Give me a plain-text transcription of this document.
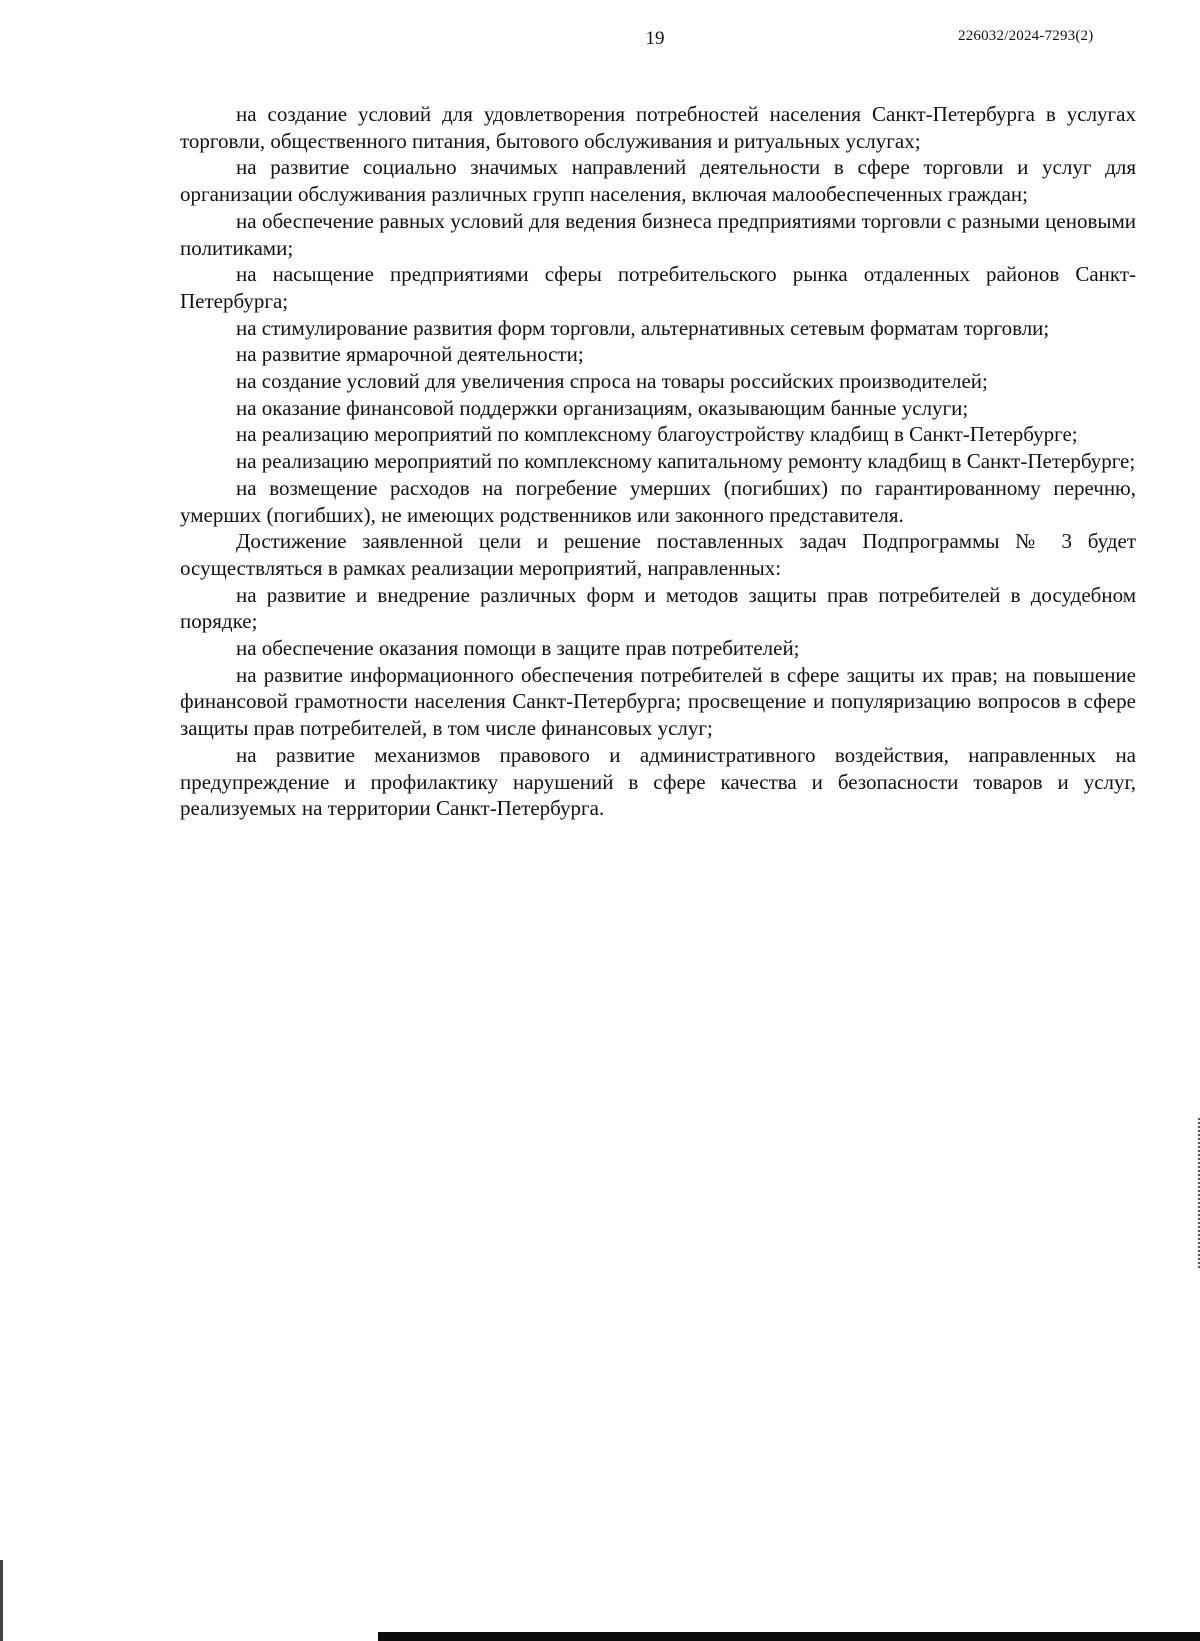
19	226032/2024-7293(2)

на создание условий для удовлетворения потребностей населения Санкт-Петербурга в услугах торговли, общественного питания, бытового обслуживания и ритуальных услугах;

на развитие социально значимых направлений деятельности в сфере торговли и услуг для организации обслуживания различных групп населения, включая малообеспеченных граждан;

на обеспечение равных условий для ведения бизнеса предприятиями торговли с разными ценовыми политиками;

на насыщение предприятиями сферы потребительского рынка отдаленных районов Санкт-Петербурга;

на стимулирование развития форм торговли, альтернативных сетевым форматам торговли;

на развитие ярмарочной деятельности;

на создание условий для увеличения спроса на товары российских производителей;

на оказание финансовой поддержки организациям, оказывающим банные услуги;

на реализацию мероприятий по комплексному благоустройству кладбищ в Санкт-Петербурге;

на реализацию мероприятий по комплексному капитальному ремонту кладбищ в Санкт-Петербурге;

на возмещение расходов на погребение умерших (погибших) по гарантированному перечню, умерших (погибших), не имеющих родственников или законного представителя.

Достижение заявленной цели и решение поставленных задач Подпрограммы № 3 будет осуществляться в рамках реализации мероприятий, направленных:

на развитие и внедрение различных форм и методов защиты прав потребителей в досудебном порядке;

на обеспечение оказания помощи в защите прав потребителей;

на развитие информационного обеспечения потребителей в сфере защиты их прав; на повышение финансовой грамотности населения Санкт-Петербурга; просвещение и популяризацию вопросов в сфере защиты прав потребителей, в том числе финансовых услуг;

на развитие механизмов правового и административного воздействия, направленных на предупреждение и профилактику нарушений в сфере качества и безопасности товаров и услуг, реализуемых на территории Санкт-Петербурга.
